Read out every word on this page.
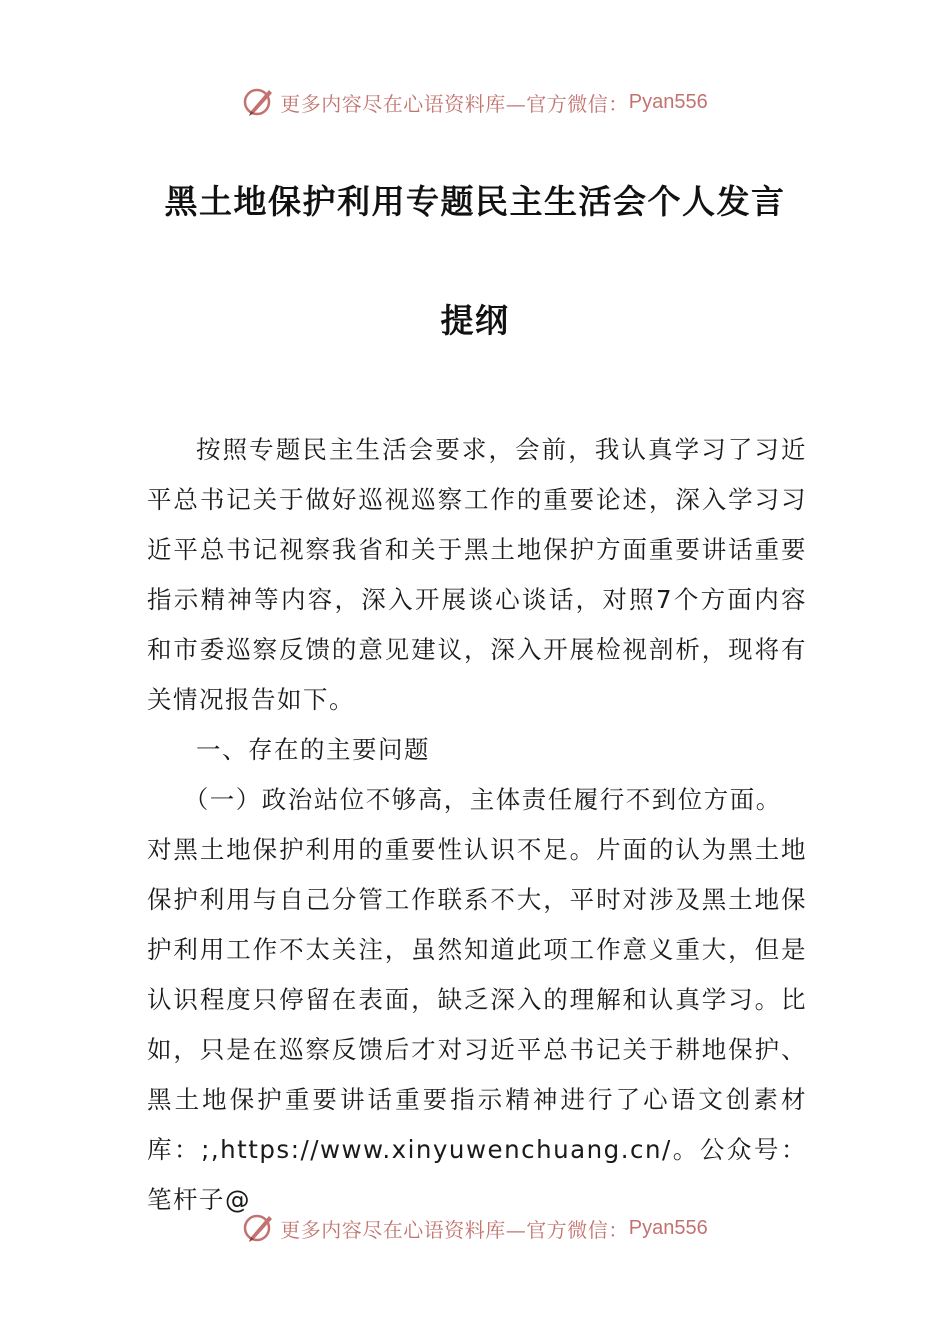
更多内容尽在心语资料库—官方微信： Pyan556
黑土地保护利用专题民主生活会个人发言
提纲

按照专题民主生活会要求，会前，我认真学习了习近平总书记关于做好巡视巡察工作的重要论述，深入学习习近平总书记视察我省和关于黑土地保护方面重要讲话重要指示精神等内容，深入开展谈心谈话，对照7个方面内容和市委巡察反馈的意见建议，深入开展检视剖析，现将有关情况报告如下。

一、存在的主要问题

（一）政治站位不够高，主体责任履行不到位方面。

对黑土地保护利用的重要性认识不足。片面的认为黑土地保护利用与自己分管工作联系不大，平时对涉及黑土地保护利用工作不太关注，虽然知道此项工作意义重大，但是认识程度只停留在表面，缺乏深入的理解和认真学习。比如，只是在巡察反馈后才对习近平总书记关于耕地保护、黑土地保护重要讲话重要指示精神进行了心语文创素材库：;,https://www.xinyuwenchuang.cn/。公众号：笔杆子@

更多内容尽在心语资料库—官方微信： Pyan556
